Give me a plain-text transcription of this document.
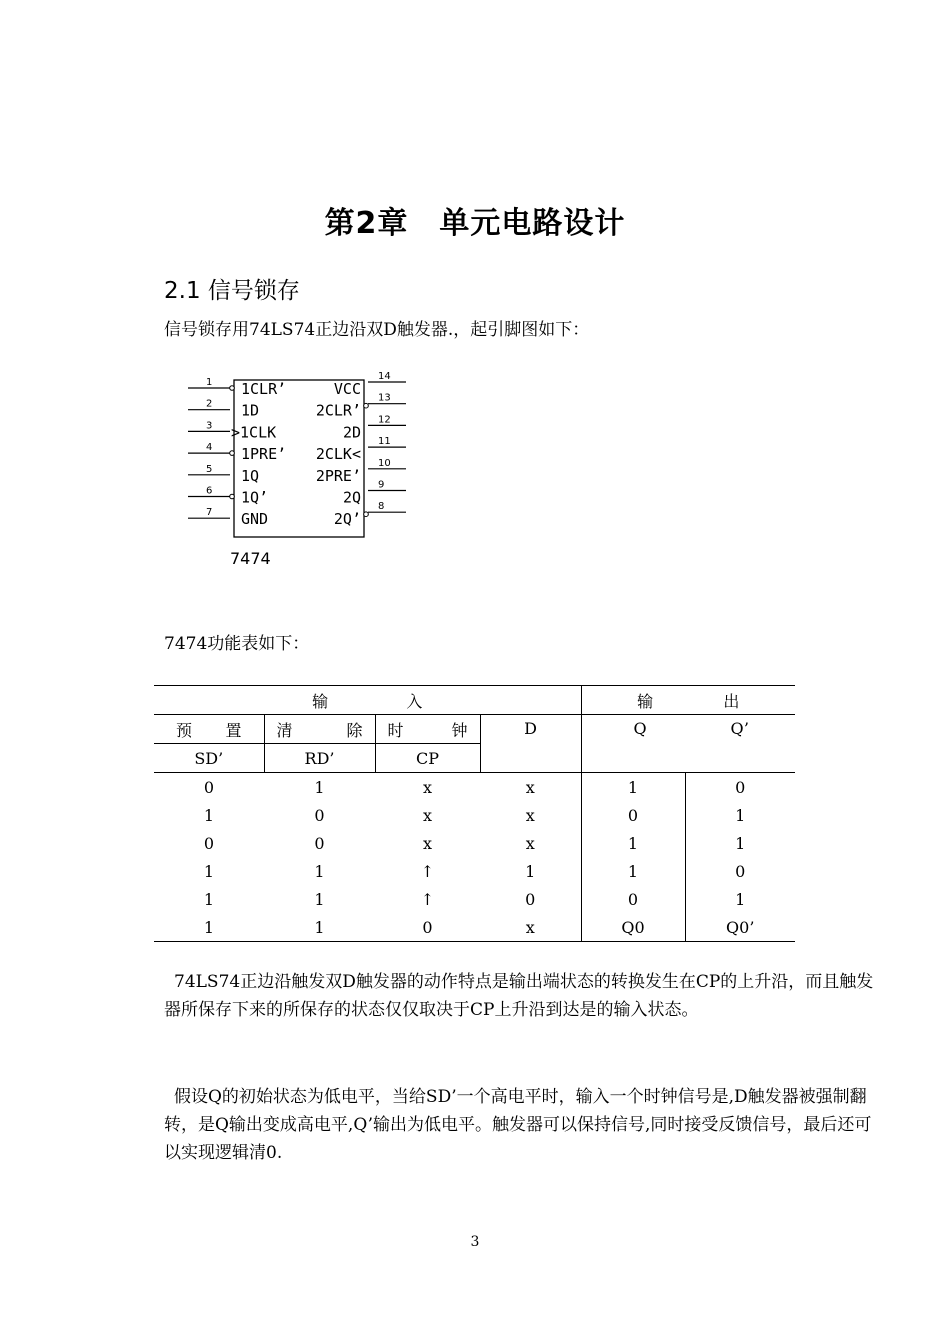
第2章　单元电路设计
2.1 信号锁存
信号锁存用74LS74正边沿双D触发器.，起引脚图如下：
1 1CLR’
2 1D
3 >1CLK
4 1PRE’
5 1Q
6 1Q’
7 GND
14
VCC
13
2CLR’
12
2D
11
2CLK<
10
2PRE’
9
2Q
8
2Q’
7474
7474功能表如下：
输 入				输 出	

预 置	清 除	时 钟	D	Q Q’	

SD’	RD’	CP			
0	1	x	x	1	0
1	0	x	x	0	1
0	0	x	x	1	1
1	1	↑	1	1	0
1	1	↑	0	0	1
1	1	0	x	Q0	Q0’
74LS74正边沿触发双D触发器的动作特点是输出端状态的转换发生在CP的上升沿，而且触发器所保存下来的所保存的状态仅仅取决于CP上升沿到达是的输入状态。
假设Q的初始状态为低电平，当给SD’一个高电平时，输入一个时钟信号是,D触发器被强制翻转，是Q输出变成高电平,Q’输出为低电平。触发器可以保持信号,同时接受反馈信号，最后还可以实现逻辑清0.
3
